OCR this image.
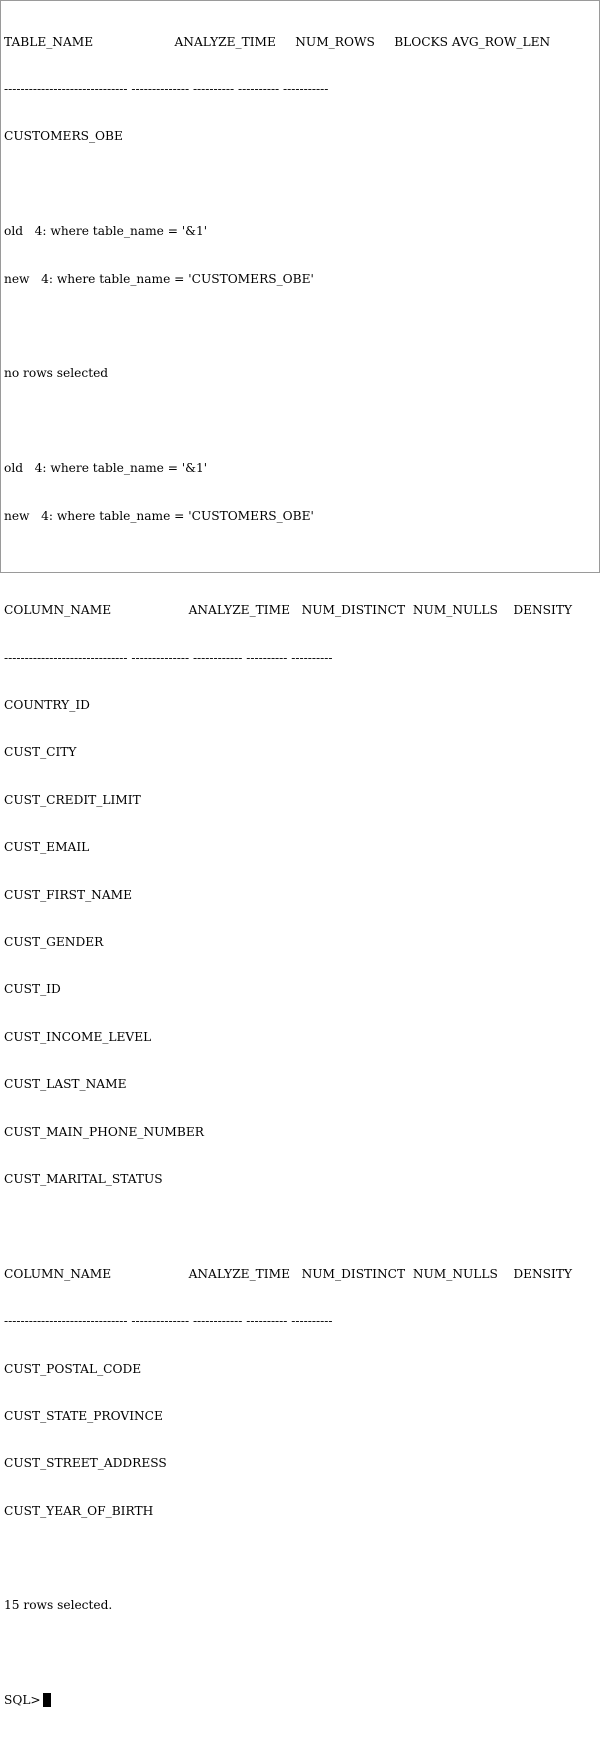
TABLE_NAME                     ANALYZE_TIME     NUM_ROWS     BLOCKS AVG_ROW_LEN

------------------------------ -------------- ---------- ---------- -----------

CUSTOMERS_OBE

old   4: where table_name = '&1'

new   4: where table_name = 'CUSTOMERS_OBE'

no rows selected

old   4: where table_name = '&1'

new   4: where table_name = 'CUSTOMERS_OBE'

COLUMN_NAME                    ANALYZE_TIME   NUM_DISTINCT  NUM_NULLS    DENSITY

------------------------------ -------------- ------------ ---------- ----------

COUNTRY_ID

CUST_CITY

CUST_CREDIT_LIMIT

CUST_EMAIL

CUST_FIRST_NAME

CUST_GENDER

CUST_ID

CUST_INCOME_LEVEL

CUST_LAST_NAME

CUST_MAIN_PHONE_NUMBER

CUST_MARITAL_STATUS

COLUMN_NAME                    ANALYZE_TIME   NUM_DISTINCT  NUM_NULLS    DENSITY

------------------------------ -------------- ------------ ---------- ----------

CUST_POSTAL_CODE

CUST_STATE_PROVINCE

CUST_STREET_ADDRESS

CUST_YEAR_OF_BIRTH

15 rows selected.

SQL>
